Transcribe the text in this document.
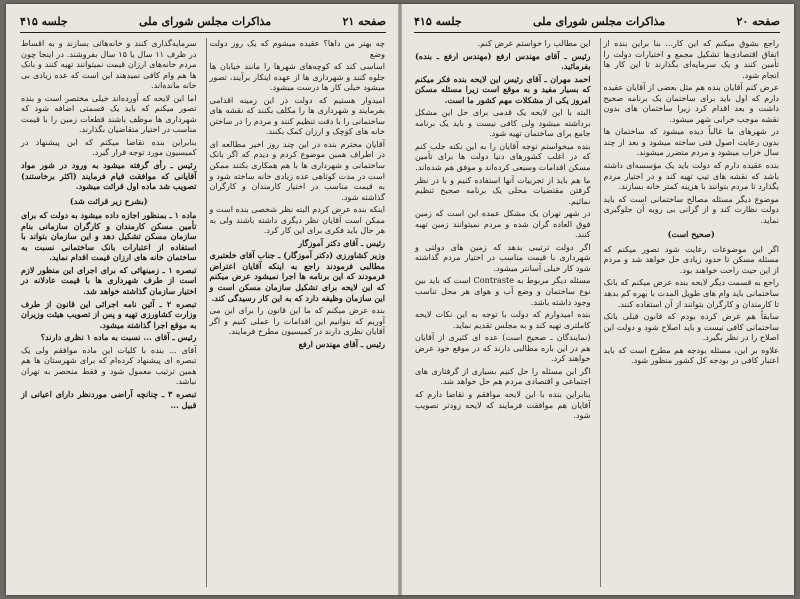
صفحه ۲۱
مذاکرات مجلس شورای ملی
جلسه ۴۱۵

چه بهتر من داها؟ عقیده میشوم که یک روز دولت وضع

اساسی کند که کوچه‌های شهرها را مانند خیابان ها جلوه کنند و شهرداری ها از عهده اینکار برآیند، تصور میشود خیلی کار ها درست میشود.

امیدوار هستیم که دولت در این زمینه اقدامی بفرمایند و شهرداری ها را مکلف بکنند که نقشه های ساختمانی را با دقت تنظیم کنند و مردم را در ساختن خانه های کوچک و ارزان کمک بکنند.

آقایان محترم بنده در این چند روز اخیر مطالعه ای در اطراف همین موضوع کردم و دیدم که اگر بانک ساختمانی و شهرداری ها با هم همکاری بکنند ممکن است در مدت کوتاهی عده زیادی خانه ساخته شود و به قیمت مناسب در اختیار کارمندان و کارگران گذاشته شود.

اینکه بنده عرض کردم البته نظر شخصی بنده است و ممکن است آقایان نظر دیگری داشته باشند ولی به هر حال باید فکری برای این کار کرد.

رئیس ـ آقای دکتر آموزگار

وزیر کشاورزی (دکتر آموزگار) ـ جناب آقای خلعتبری مطالبی فرمودند راجع به اینکه آقایان اعتراض فرمودند که این برنامه ها اجرا نمیشود عرض میکنم که این لایحه برای تشکیل سازمان مسکن است و این سازمان وظیفه دارد که به این کار رسیدگی کند.

بنده عرض میکنم که ما این قانون را برای این می آوریم که بتوانیم این اقدامات را عملی کنیم و اگر آقایان نظری دارند در کمیسیون مطرح فرمایند.

رئیس ـ آقای مهندس ارفع

سرمایه‌گذاری کنند و خانه‌هائی بسازند و به اقساط در ظرف ۱۱ سال یا ۱۵ سال بفروشند. در اینجا چون مردم خانه‌های ارزان قیمت نمیتوانند تهیه کنند و بانک ها هم وام کافی نمیدهند این است که عده زیادی بی خانه مانده‌اند.

اما این لایحه که آورده‌اند خیلی مختصر است و بنده تصور میکنم که باید یک قسمتی اضافه شود که شهرداری ها موظف باشند قطعات زمین را با قیمت مناسب در اختیار متقاضیان بگذارند.

بنابراین بنده تقاضا میکنم که این پیشنهاد در کمیسیون مورد توجه قرار گیرد.

رئیس ـ رأی گرفته میشود به ورود در شور مواد آقایانی که موافقت قیام فرمایند (اکثر برخاستند) تصویب شد ماده اول قرائت میشود.

(بشرح زیر قرائت شد)

ماده ۱ ـ بمنظور اجازه داده میشود به دولت که برای تأمین مسکن کارمندان و کارگران سازمانی بنام سازمان مسکن تشکیل دهد و این سازمان بتواند با استفاده از اعتبارات بانک ساختمانی نسبت به ساختمان خانه های ارزان قیمت اقدام نماید.

تبصره ۱ ـ زمینهائی که برای اجرای این منظور لازم است از طرف شهرداری ها با قیمت عادلانه در اختیار سازمان گذاشته خواهد شد.

تبصره ۲ ـ آئین نامه اجرائی این قانون از طرف وزارت کشاورزی تهیه و پس از تصویب هیئت وزیران به موقع اجرا گذاشته میشود.

رئیس ـ آقای ... نسبت به ماده ۱ نظری دارند؟

آقای ... بنده با کلیات این ماده موافقم ولی یک تبصره ای پیشنهاد کرده‌ام که برای شهرستان ها هم همین ترتیب معمول شود و فقط منحصر به تهران نباشد.

تبصره ۳ ـ چنانچه آراضی موردنظر دارای اعیانی از قبیل ...

صفحه ۲۰
مذاکرات مجلس شورای ملی
جلسه ۴۱۵

راجع بشوق میکنم که این کار... بنا براین بنده از اتفاق اقتصادی‌ها تشکیل مجمع و اختیارات دولت را تأمین کنند و یک سرمایه‌ای بگذارند تا این کار ها انجام شود.

عرض کنم آقایان بنده هم مثل بعضی از آقایان عقیده دارم که اول باید برای ساختمان یک برنامه صحیح داشت و بعد اقدام کرد زیرا ساختمان های بدون نقشه موجب خرابی شهر میشود.

در شهرهای ما غالباً دیده میشود که ساختمان ها بدون رعایت اصول فنی ساخته میشود و بعد از چند سال خراب میشود و مردم متضرر میشوند.

بنده عقیده دارم که دولت باید یک مؤسسه‌ای داشته باشد که نقشه های تیپ تهیه کند و در اختیار مردم بگذارد تا مردم بتوانند با هزینه کمتر خانه بسازند.

موضوع دیگر مسئله مصالح ساختمانی است که باید دولت نظارت کند و از گرانی بی رویه آن جلوگیری نماید.

(صحیح است)

اگر این موضوعات رعایت شود تصور میکنم که مسئله مسکن تا حدود زیادی حل خواهد شد و مردم از این حیث راحت خواهند بود.

راجع به قسمت دیگر لایحه بنده عرض میکنم که بانک ساختمانی باید وام های طویل المدت با بهره کم بدهد تا کارمندان و کارگران بتوانند از آن استفاده کنند.

سابقاً هم عرض کرده بودم که قانون قبلی بانک ساختمانی کافی نیست و باید اصلاح شود و دولت این اصلاح را در نظر بگیرد.

علاوه بر این، مسئله بودجه هم مطرح است که باید اعتبار کافی در بودجه کل کشور منظور شود.

این مطالب را خواستم عرض کنم.

رئیس ـ آقای مهندس ارفع (مهندس ارفع ـ بنده) بفرمائید.

احمد مهران ـ آقای رئیس این لایحه بنده فکر میکنم که بسیار مفید و به موقع است زیرا مسئله مسکن امروز یکی از مشکلات مهم کشور ما است.

البته با این لایحه یک قدمی برای حل این مشکل برداشته میشود ولی کافی نیست و باید یک برنامه جامع برای ساختمان تهیه شود.

بنده میخواستم توجه آقایان را به این نکته جلب کنم که در اغلب کشورهای دنیا دولت ها برای تأمین مسکن اقدامات وسیعی کرده‌اند و موفق هم شده‌اند.

ما هم باید از تجربیات آنها استفاده کنیم و با در نظر گرفتن مقتضیات محلی یک برنامه صحیح تنظیم نمائیم.

در شهر تهران یک مشکل عمده این است که زمین فوق العاده گران شده و مردم نمیتوانند زمین تهیه کنند.

اگر دولت ترتیبی بدهد که زمین های دولتی و شهرداری با قیمت مناسب در اختیار مردم گذاشته شود کار خیلی آسانتر میشود.

مسئله دیگر مربوط به Contraste است که باید بین نوع ساختمان و وضع آب و هوای هر محل تناسب وجود داشته باشد.

بنده امیدوارم که دولت با توجه به این نکات لایحه کاملتری تهیه کند و به مجلس تقدیم نماید.

(نمایندگان ـ صحیح است) عده ای کثیری از آقایان هم در این باره مطالبی دارند که در موقع خود عرض خواهند کرد.

اگر این مسئله را حل کنیم بسیاری از گرفتاری های اجتماعی و اقتصادی مردم هم حل خواهد شد.

بنابراین بنده با این لایحه موافقم و تقاضا دارم که آقایان هم موافقت فرمایند که لایحه زودتر تصویب شود.
